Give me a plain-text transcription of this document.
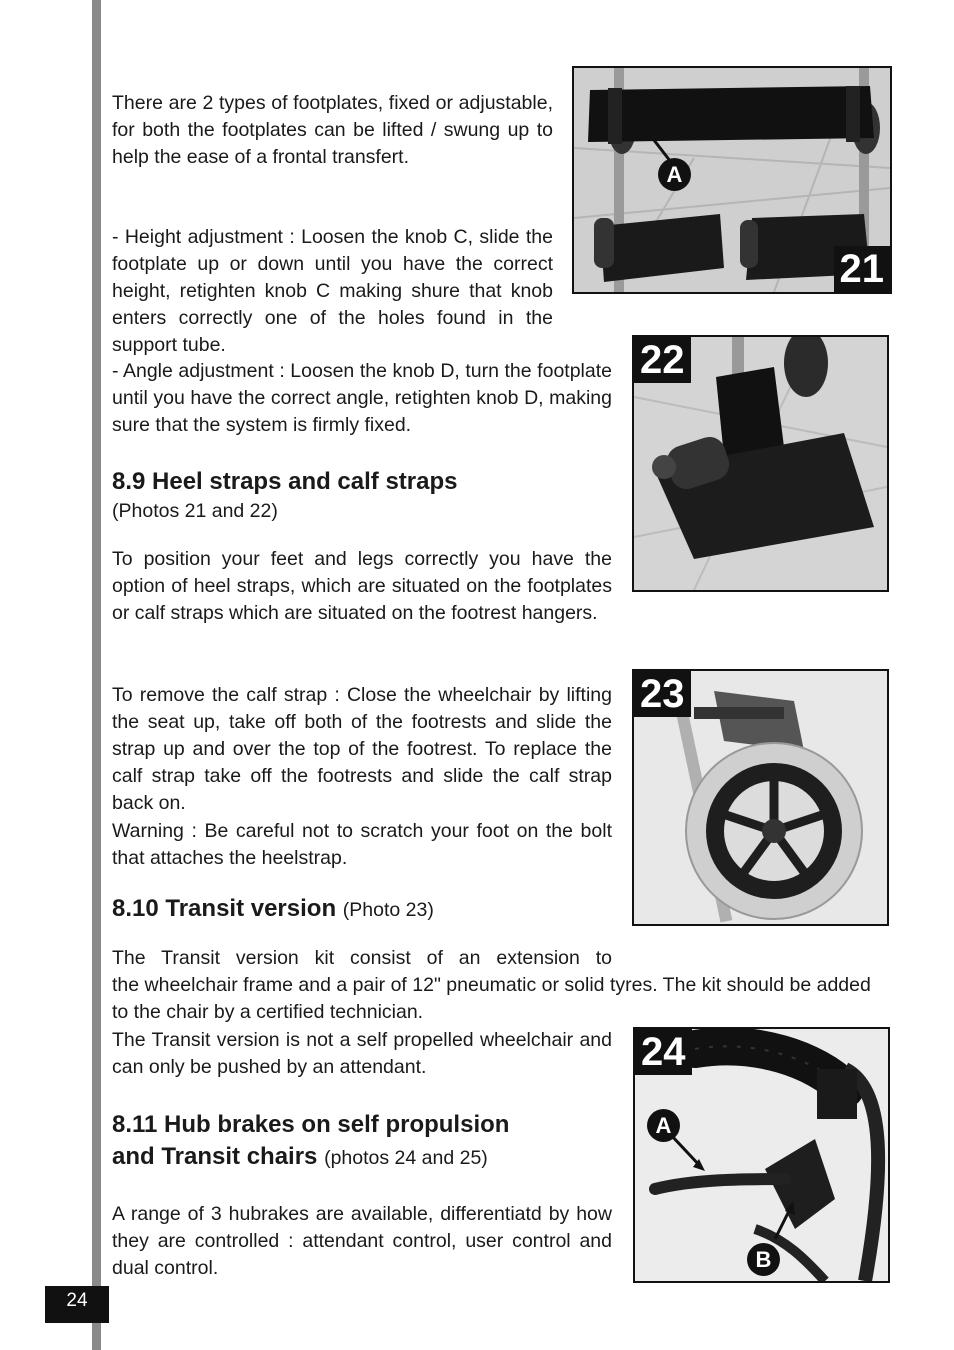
There are 2 types of footplates, fixed or adjustable, for both the footplates can be lifted / swung up to help the ease of a frontal transfert.

- Height adjustment : Loosen the knob C, slide the footplate up or down until you have the correct height, retighten knob C making shure that knob enters correctly one of the holes found in the support tube.

- Angle adjustment : Loosen the knob D, turn the footplate until you have the correct angle, retighten knob D, making sure that the system is firmly fixed.

8.9 Heel straps and calf straps

(Photos 21 and 22)

To position your feet and legs correctly you have the option of heel straps, which are situated on the footplates or calf straps which are situated on the footrest hangers.

To remove the calf strap : Close the wheelchair by lifting the seat up, take off both of the footrests and slide the strap up and over the top of the footrest. To replace the calf strap take off the footrests and slide the calf strap back on.

Warning : Be careful not to scratch your foot on the bolt that attaches the heelstrap.

8.10 Transit version (Photo 23)

The Transit version kit consist of an extension to

the wheelchair frame and a pair of 12" pneumatic or solid tyres. The kit should be added to the chair by a certified technician.

The Transit version is not a self propelled wheelchair and can only be pushed by an attendant.

8.11 Hub brakes on self propulsion
and Transit chairs (photos 24 and 25)

A range of 3 hubrakes are available, differentiatd by how they are controlled : attendant control, user control and dual control.

24
A
21
22
23
A
B
24
